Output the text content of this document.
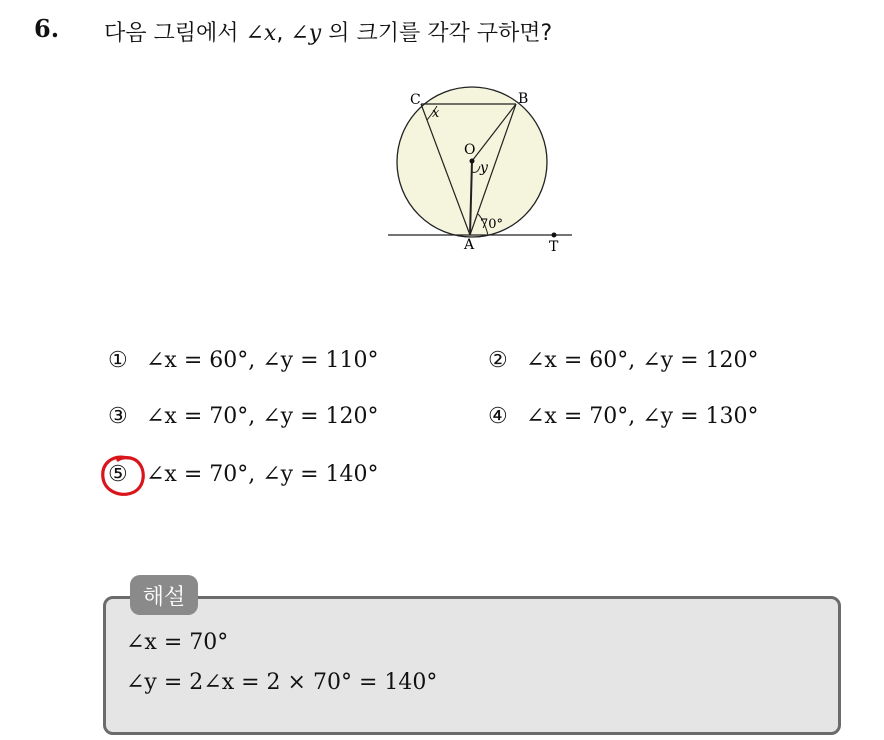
6. 다음 그림에서 ∠x, ∠y 의 크기를 각각 구하면?
C	B
O
A	T
x
y
70°
① ∠x = 60°, ∠y = 110°	② ∠x = 60°, ∠y = 120°
③ ∠x = 70°, ∠y = 120°	④ ∠x = 70°, ∠y = 130°
⑤ ∠x = 70°, ∠y = 140°
해설
∠x = 70°
∠y = 2∠x = 2 × 70° = 140°
